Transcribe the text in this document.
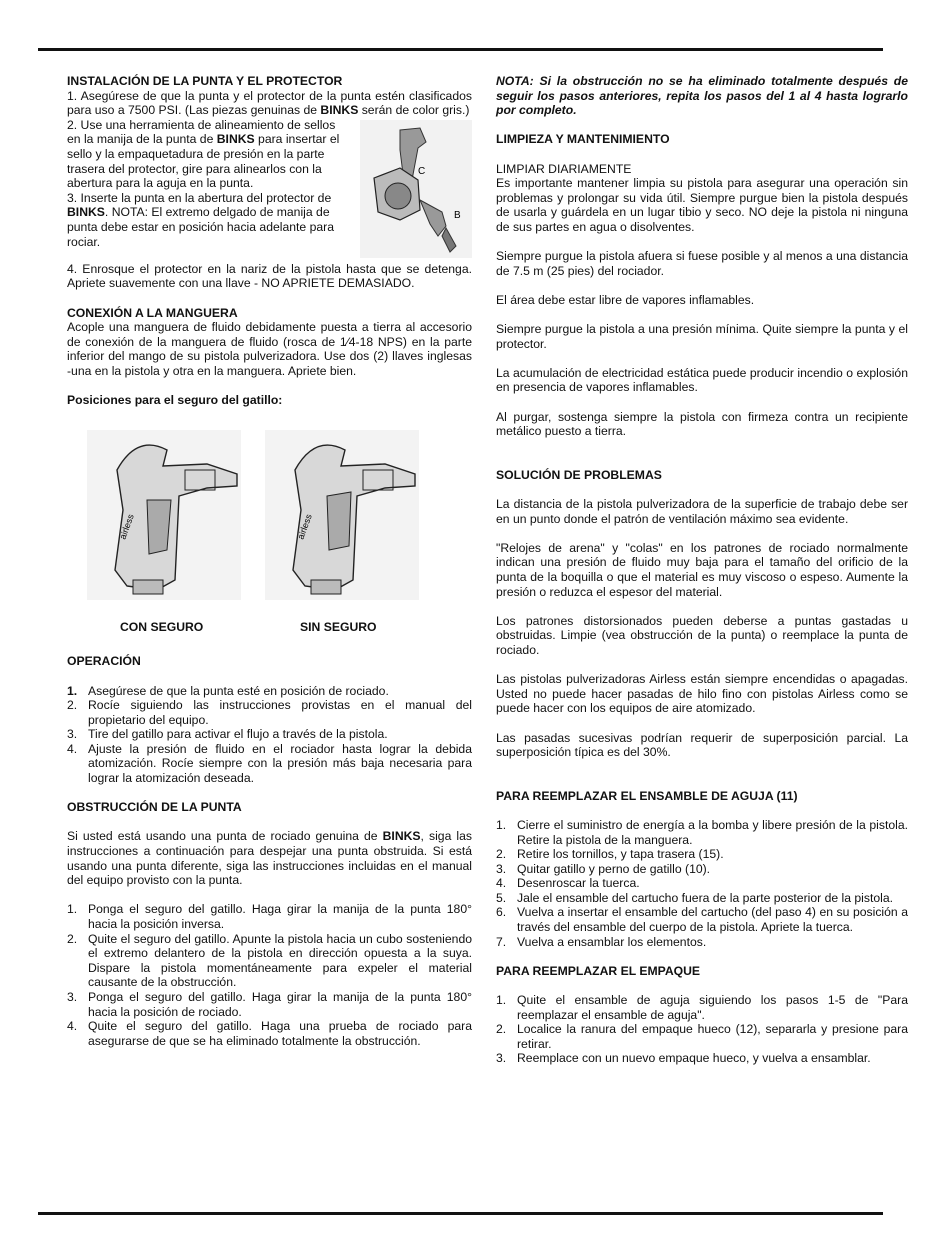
INSTALACIÓN DE LA PUNTA Y EL PROTECTOR

1. Asegúrese de que la punta y el protector de la punta estén clasificados para uso a 7500 PSI. (Las piezas genuinas de BINKS serán de color gris.)

C
B

2. Use una herramienta de alineamiento de sellos en la manija de la punta de BINKS para insertar el sello y la empaquetadura de presión en la parte trasera del protector, gire para alinearlos con la abertura para la aguja en la punta.

3. Inserte la punta en la abertura del protector de BINKS. NOTA: El extremo delgado de manija de punta debe estar en posición hacia adelante para rociar.

4. Enrosque el protector en la nariz de la pistola hasta que se detenga. Apriete suavemente con una llave - NO APRIETE DEMASIADO.

CONEXIÓN A LA MANGUERA

Acople una manguera de fluido debidamente puesta a tierra al accesorio de conexión de la manguera de fluido (rosca de 1⁄4-18 NPS) en la parte inferior del mango de su pistola pulverizadora. Use dos (2) llaves inglesas -una en la pistola y otra en la manguera. Apriete bien.

Posiciones para el seguro del gatillo:
airless	airless
CON SEGURO	SIN SEGURO
OPERACIÓN
1. Asegúrese de que la punta esté en posición de rociado.
2. Rocíe siguiendo las instrucciones provistas en el manual del propietario del equipo.
3. Tire del gatillo para activar el flujo a través de la pistola.
4. Ajuste la presión de fluido en el rociador hasta lograr la debida atomización. Rocíe siempre con la presión más baja necesaria para lograr la atomización deseada.
OBSTRUCCIÓN DE LA PUNTA

Si usted está usando una punta de rociado genuina de BINKS, siga las instrucciones a continuación para despejar una punta obstruida. Si está usando una punta diferente, siga las instrucciones incluidas en el manual del equipo provisto con la punta.

1. Ponga el seguro del gatillo. Haga girar la manija de la punta 180° hacia la posición inversa.
2. Quite el seguro del gatillo. Apunte la pistola hacia un cubo sosteniendo el extremo delantero de la pistola en dirección opuesta a la suya. Dispare la pistola momentáneamente para expeler el material causante de la obstrucción.
3. Ponga el seguro del gatillo. Haga girar la manija de la punta 180° hacia la posición de rociado.
4. Quite el seguro del gatillo. Haga una prueba de rociado para asegurarse de que se ha eliminado totalmente la obstrucción.

NOTA: Si la obstrucción no se ha eliminado totalmente después de seguir los pasos anteriores, repita los pasos del 1 al 4 hasta lograrlo por completo.

LIMPIEZA Y MANTENIMIENTO
LIMPIAR DIARIAMENTE

Es importante mantener limpia su pistola para asegurar una operación sin problemas y prolongar su vida útil. Siempre purgue bien la pistola después de usarla y guárdela en un lugar tibio y seco. NO deje la pistola ni ninguna de sus partes en agua o disolventes.

Siempre purgue la pistola afuera si fuese posible y al menos a una distancia de 7.5 m (25 pies) del rociador.

El área debe estar libre de vapores inflamables.

Siempre purgue la pistola a una presión mínima. Quite siempre la punta y el protector.

La acumulación de electricidad estática puede producir incendio o explosión en presencia de vapores inflamables.

Al purgar, sostenga siempre la pistola con firmeza contra un recipiente metálico puesto a tierra.

SOLUCIÓN DE PROBLEMAS

La distancia de la pistola pulverizadora de la superficie de trabajo debe ser en un punto donde el patrón de ventilación máximo sea evidente.

"Relojes de arena" y "colas" en los patrones de rociado normalmente indican una presión de fluido muy baja para el tamaño del orificio de la punta de la boquilla o que el material es muy viscoso o espeso. Aumente la presión o reduzca el espesor del material.

Los patrones distorsionados pueden deberse a puntas gastadas u obstruidas. Limpie (vea obstrucción de la punta) o reemplace la punta de rociado.

Las pistolas pulverizadoras Airless están siempre encendidas o apagadas. Usted no puede hacer pasadas de hilo fino con pistolas Airless como se puede hacer con los equipos de aire atomizado.

Las pasadas sucesivas podrían requerir de superposición parcial. La superposición típica es del 30%.

PARA REEMPLAZAR EL ENSAMBLE DE AGUJA (11)
1. Cierre el suministro de energía a la bomba y libere presión de la pistola. Retire la pistola de la manguera.
2. Retire los tornillos, y tapa trasera (15).
3. Quitar gatillo y perno de gatillo (10).
4. Desenroscar la tuerca.
5. Jale el ensamble del cartucho fuera de la parte posterior de la pistola.
6. Vuelva a insertar el ensamble del cartucho (del paso 4) en su posición a través del ensamble del cuerpo de la pistola. Apriete la tuerca.
7. Vuelva a ensamblar los elementos.
PARA REEMPLAZAR EL EMPAQUE
1. Quite el ensamble de aguja siguiendo los pasos 1-5 de "Para reemplazar el ensamble de aguja".
2. Localice la ranura del empaque hueco (12), separarla y presione para retirar.
3. Reemplace con un nuevo empaque hueco, y vuelva a ensamblar.
